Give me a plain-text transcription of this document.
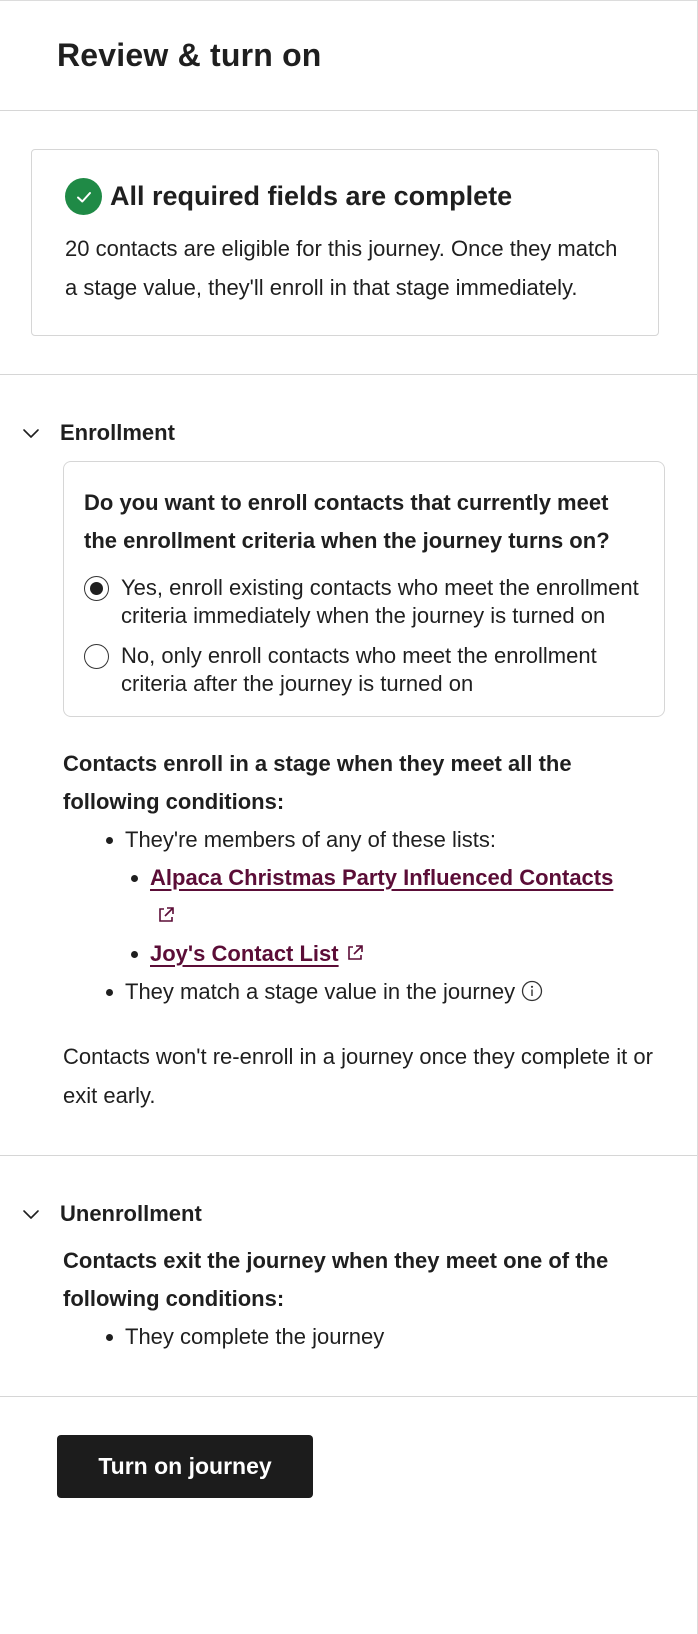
Review & turn on
All required fields are complete

20 contacts are eligible for this journey. Once they match a stage value, they'll enroll in that stage immediately.

Enrollment

Do you want to enroll contacts that currently meet the enrollment criteria when the journey turns on?

Yes, enroll existing contacts who meet the enrollment criteria immediately when the journey is turned on
No, only enroll contacts who meet the enrollment criteria after the journey is turned on

Contacts enroll in a stage when they meet all the following conditions:

They're members of any of these lists:
Alpaca Christmas Party Influenced Contacts

Joy's Contact List
They match a stage value in the journey

Contacts won't re-enroll in a journey once they complete it or exit early.

Unenrollment

Contacts exit the journey when they meet one of the following conditions:

They complete the journey
Turn on journey
